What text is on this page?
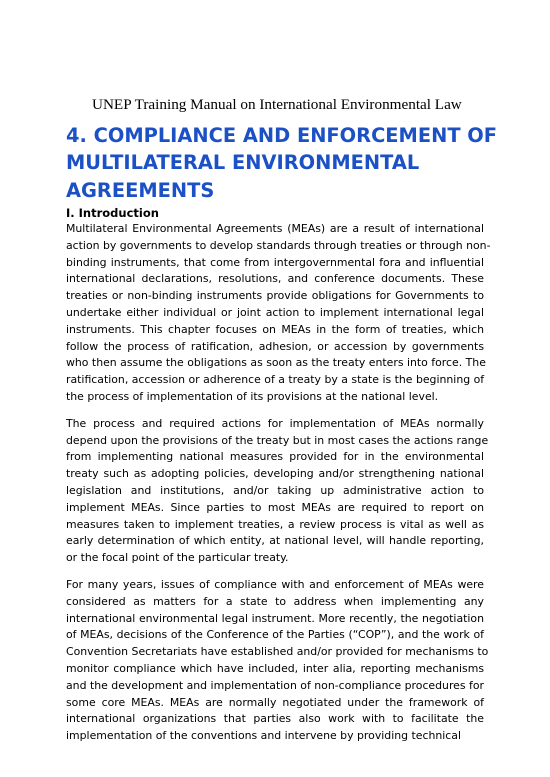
UNEP Training Manual on International Environmental Law
4. COMPLIANCE AND ENFORCEMENT OF
MULTILATERAL ENVIRONMENTAL
AGREEMENTS
I. Introduction

Multilateral Environmental Agreements (MEAs) are a result of international
action by governments to develop standards through treaties or through non-
binding instruments, that come from intergovernmental fora and influential
international declarations, resolutions, and conference documents. These
treaties or non-binding instruments provide obligations for Governments to
undertake either individual or joint action to implement international legal
instruments. This chapter focuses on MEAs in the form of treaties, which
follow the process of ratification, adhesion, or accession by governments
who then assume the obligations as soon as the treaty enters into force. The
ratification, accession or adherence of a treaty by a state is the beginning of
the process of implementation of its provisions at the national level.

The process and required actions for implementation of MEAs normally
depend upon the provisions of the treaty but in most cases the actions range
from implementing national measures provided for in the environmental
treaty such as adopting policies, developing and/or strengthening national
legislation and institutions, and/or taking up administrative action to
implement MEAs. Since parties to most MEAs are required to report on
measures taken to implement treaties, a review process is vital as well as
early determination of which entity, at national level, will handle reporting,
or the focal point of the particular treaty.

For many years, issues of compliance with and enforcement of MEAs were
considered as matters for a state to address when implementing any
international environmental legal instrument. More recently, the negotiation
of MEAs, decisions of the Conference of the Parties (“COP”), and the work of
Convention Secretariats have established and/or provided for mechanisms to
monitor compliance which have included, inter alia, reporting mechanisms
and the development and implementation of non-compliance procedures for
some core MEAs. MEAs are normally negotiated under the framework of
international organizations that parties also work with to facilitate the
implementation of the conventions and intervene by providing technical
